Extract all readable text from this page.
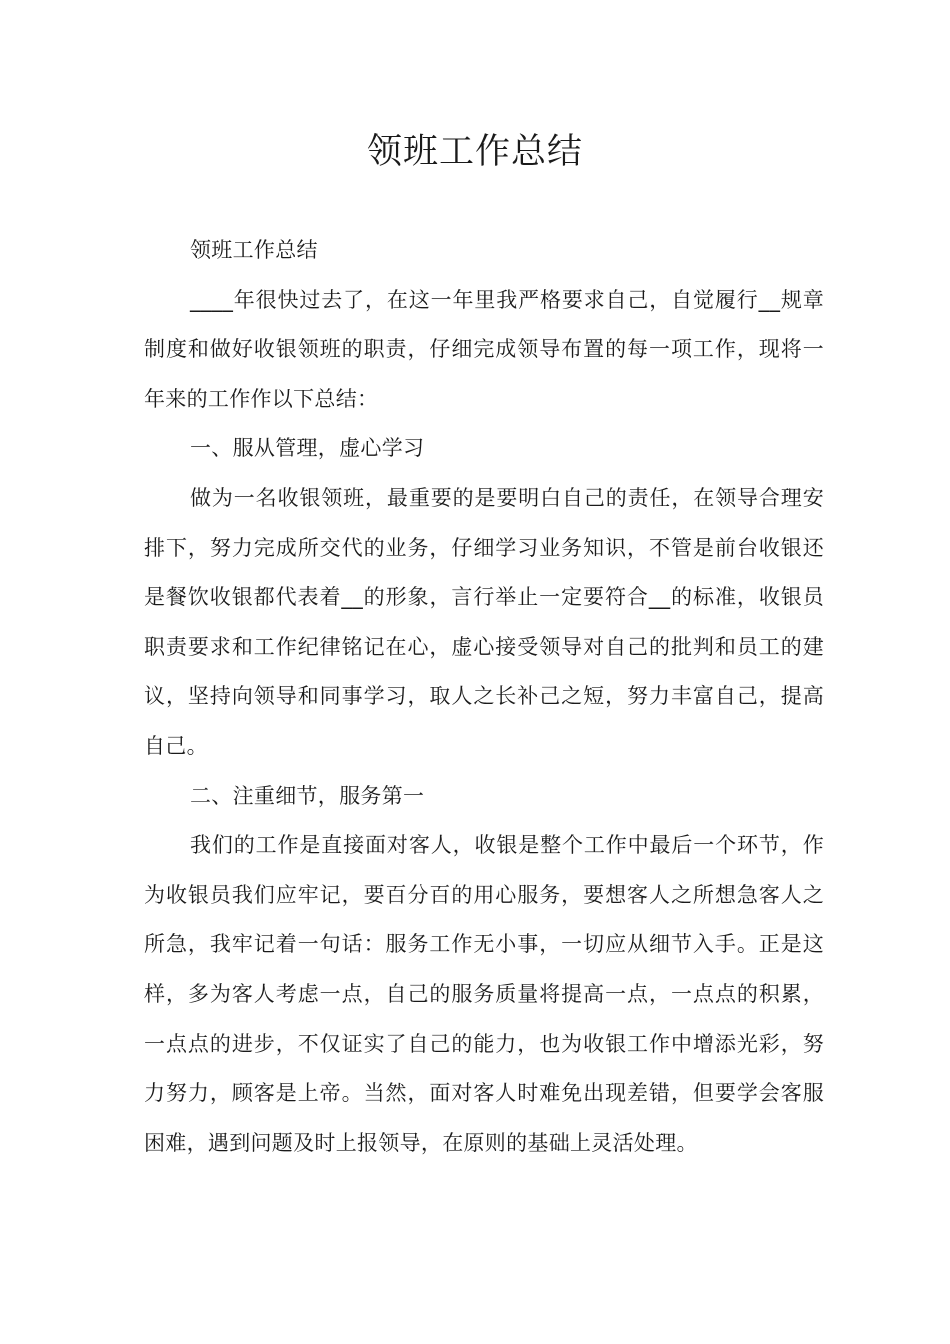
领班工作总结

领班工作总结

____年很快过去了，在这一年里我严格要求自己，自觉履行__规章制度和做好收银领班的职责，仔细完成领导布置的每一项工作，现将一年来的工作作以下总结：

一、服从管理，虚心学习

做为一名收银领班，最重要的是要明白自己的责任，在领导合理安排下，努力完成所交代的业务，仔细学习业务知识，不管是前台收银还是餐饮收银都代表着__的形象，言行举止一定要符合__的标准，收银员职责要求和工作纪律铭记在心，虚心接受领导对自己的批判和员工的建议，坚持向领导和同事学习，取人之长补己之短，努力丰富自己，提高自己。

二、注重细节，服务第一

我们的工作是直接面对客人，收银是整个工作中最后一个环节，作为收银员我们应牢记，要百分百的用心服务，要想客人之所想急客人之所急，我牢记着一句话：服务工作无小事，一切应从细节入手。正是这样，多为客人考虑一点，自己的服务质量将提高一点，一点点的积累，一点点的进步，不仅证实了自己的能力，也为收银工作中增添光彩，努力努力，顾客是上帝。当然，面对客人时难免出现差错，但要学会客服困难，遇到问题及时上报领导，在原则的基础上灵活处理。
